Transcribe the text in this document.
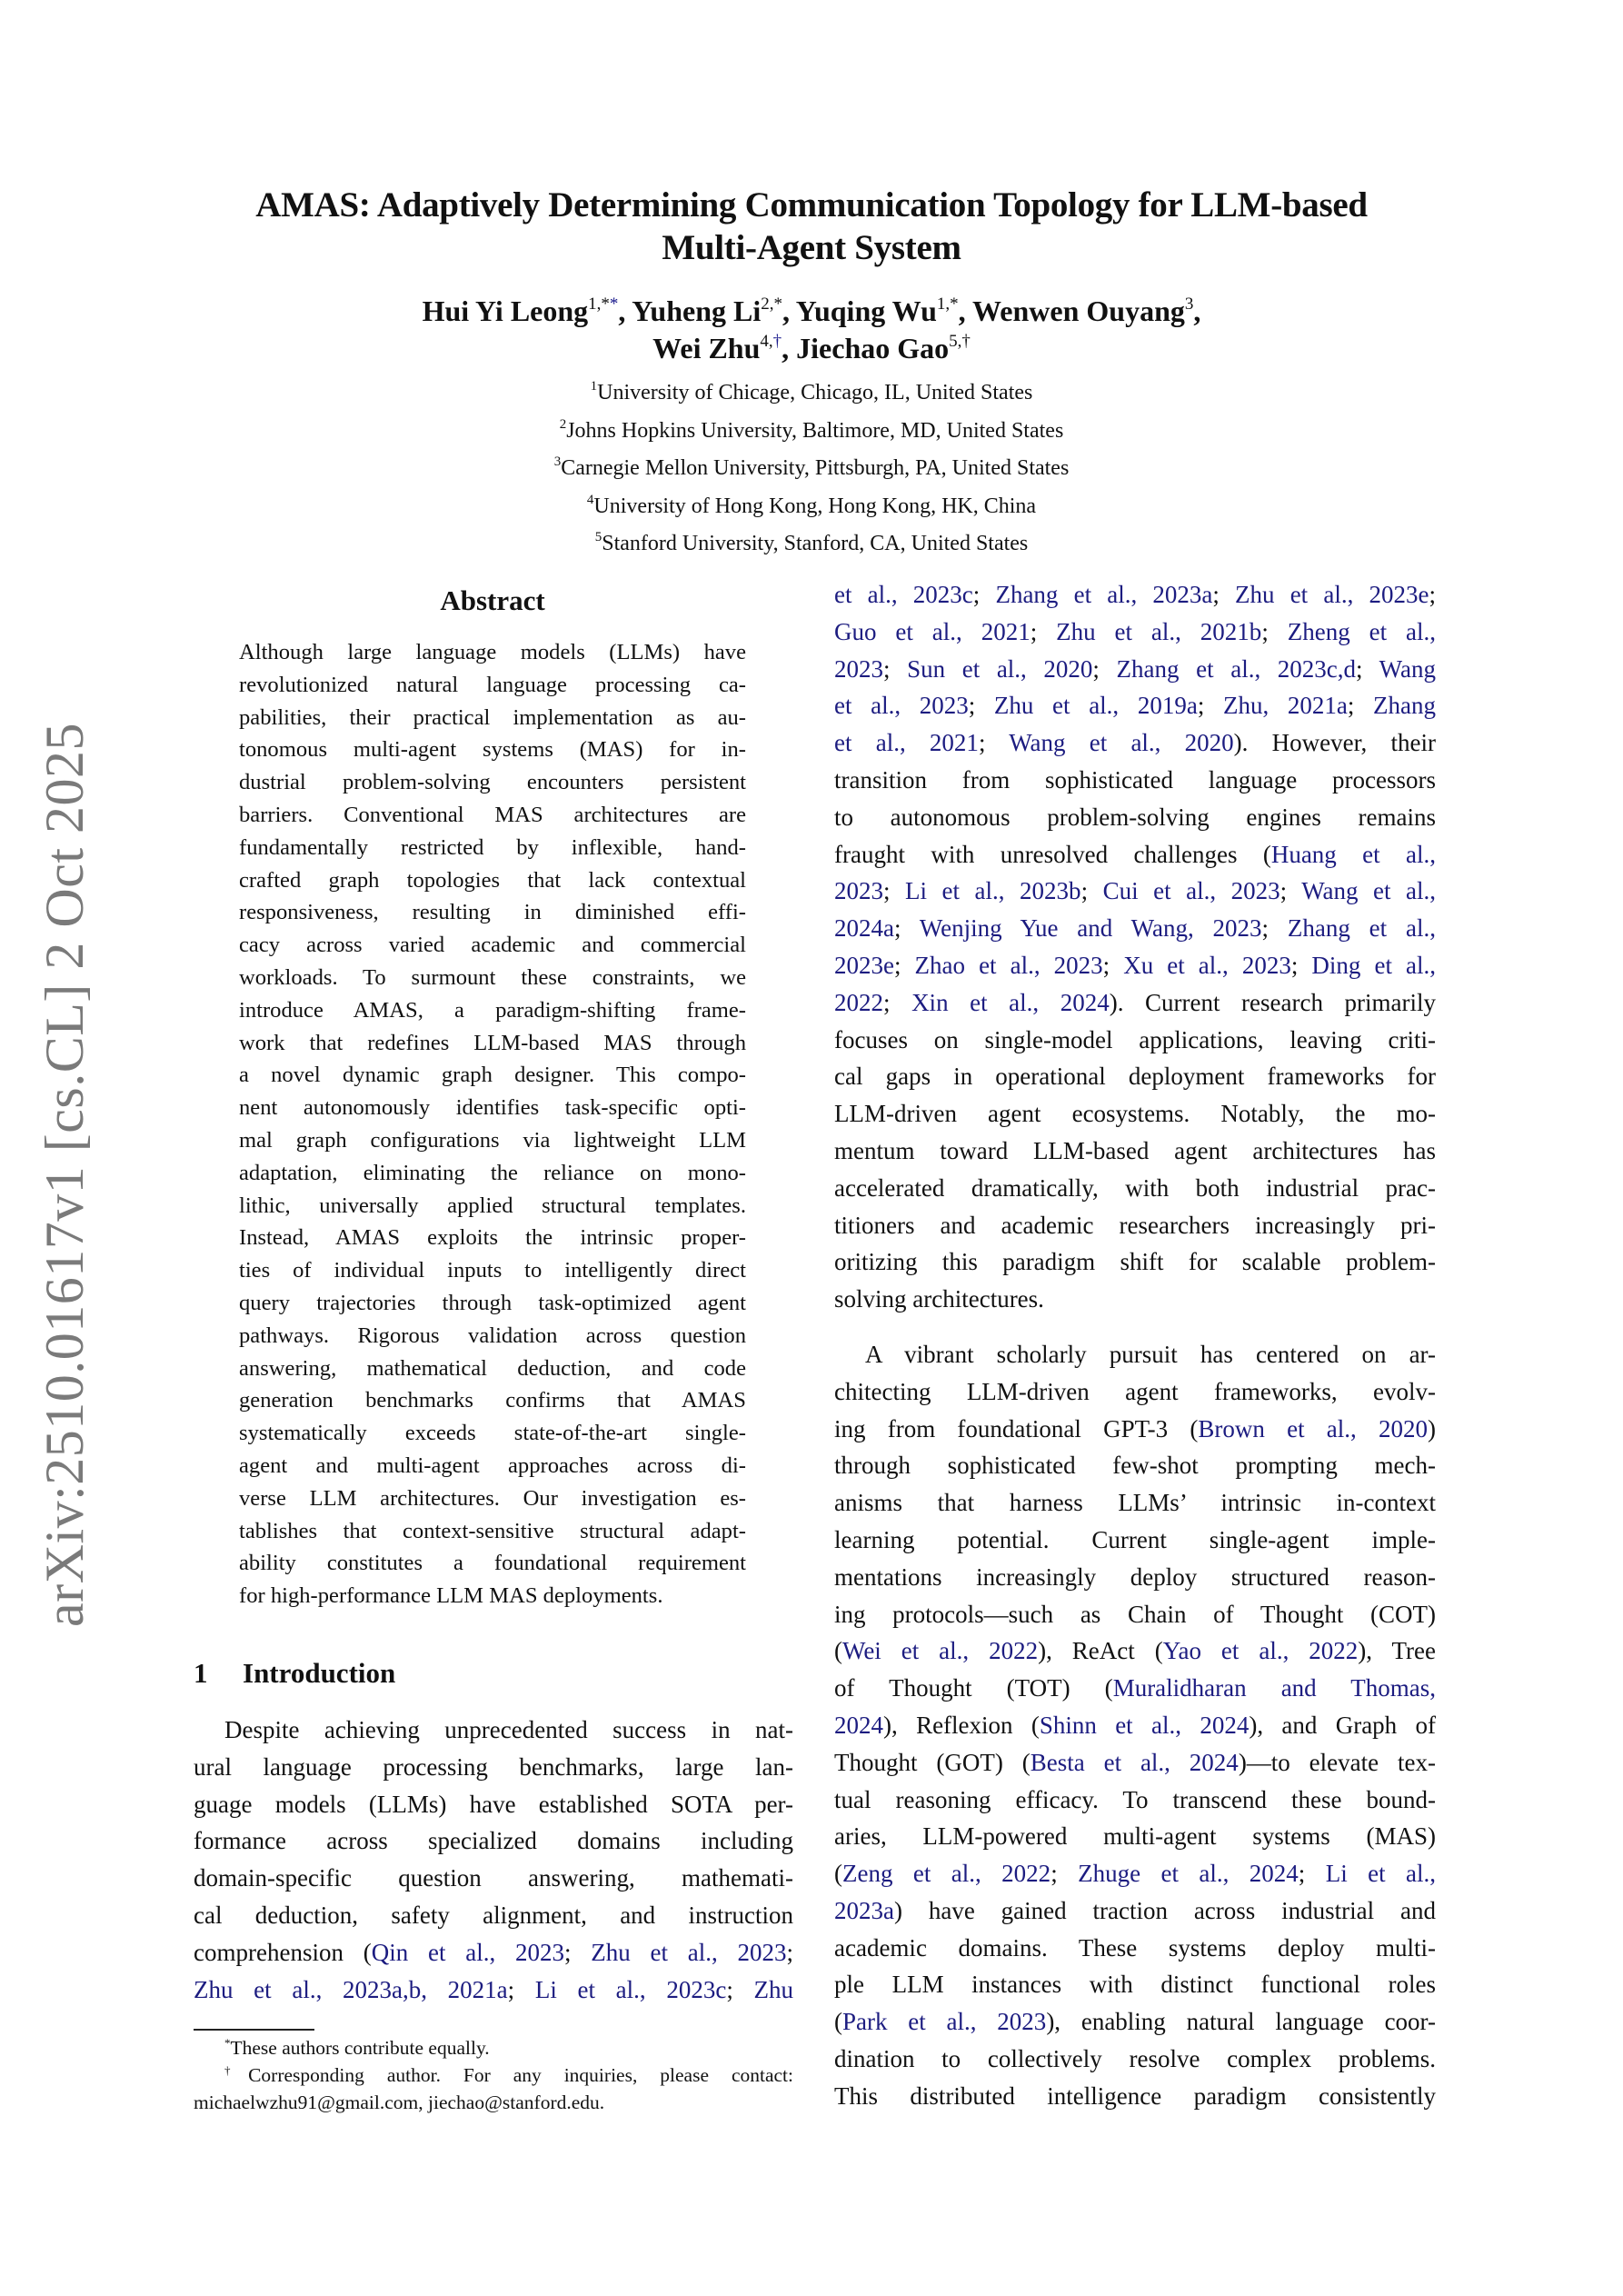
arXiv:2510.01617v1 [cs.CL] 2 Oct 2025
AMAS: Adaptively Determining Communication Topology for LLM-based
Multi-Agent System
Hui Yi Leong$^{1,**}$, Yuheng $Li^{2,*}$, Yuqing $Wu^{1,*}$, Wenwen Ouyang$^3$,
Wei Zhu$^{4,\dagger}$, Jiechao Gao$^{5,\dagger}$
$^1$University of Chicage, Chicago, IL, United States
$^2$Johns Hopkins University, Baltimore, MD, United States
$^3$Carnegie Mellon University, Pittsburgh, PA, United States
$^4$University of Hong Kong, Hong Kong, HK, China
$^5$Stanford University, Stanford, CA, United States
Abstract
Although large language models (LLMs) have
revolutionized natural language processing ca-
pabilities, their practical implementation as au-
tonomous multi-agent systems (MAS) for in-
dustrial problem-solving encounters persistent
barriers. Conventional MAS architectures are
fundamentally restricted by inflexible, hand-
crafted graph topologies that lack contextual
responsiveness, resulting in diminished effi-
cacy across varied academic and commercial
workloads. To surmount these constraints, we
introduce AMAS, a paradigm-shifting frame-
work that redefines LLM-based MAS through
a novel dynamic graph designer. This compo-
nent autonomously identifies task-specific opti-
mal graph configurations via lightweight LLM
adaptation, eliminating the reliance on mono-
lithic, universally applied structural templates.
Instead, AMAS exploits the intrinsic proper-
ties of individual inputs to intelligently direct
query trajectories through task-optimized agent
pathways. Rigorous validation across question
answering, mathematical deduction, and code
generation benchmarks confirms that AMAS
systematically exceeds state-of-the-art single-
agent and multi-agent approaches across di-
verse LLM architectures. Our investigation es-
tablishes that context-sensitive structural adapt-
ability constitutes a foundational requirement
for high-performance LLM MAS deployments.
1 Introduction
Despite achieving unprecedented success in nat-
ural language processing benchmarks, large lan-
guage models (LLMs) have established SOTA per-
formance across specialized domains including
domain-specific question answering, mathemati-
cal deduction, safety alignment, and instruction
comprehension (Qin et al., 2023; Zhu et al., 2023;
Zhu et al., 2023a,b, 2021a; Li et al., 2023c; Zhu
et al., 2023c; Zhang et al., 2023a; Zhu et al., 2023e;
Guo et al., 2021; Zhu et al., 2021b; Zheng et al.,
2023; Sun et al., 2020; Zhang et al., 2023c,d; Wang
et al., 2023; Zhu et al., 2019a; Zhu, 2021a; Zhang
et al., 2021; Wang et al., 2020). However, their
transition from sophisticated language processors
to autonomous problem-solving engines remains
fraught with unresolved challenges (Huang et al.,
2023; Li et al., 2023b; Cui et al., 2023; Wang et al.,
2024a; Wenjing Yue and Wang, 2023; Zhang et al.,
2023e; Zhao et al., 2023; Xu et al., 2023; Ding et al.,
2022; Xin et al., 2024). Current research primarily
focuses on single-model applications, leaving criti-
cal gaps in operational deployment frameworks for
LLM-driven agent ecosystems. Notably, the mo-
mentum toward LLM-based agent architectures has
accelerated dramatically, with both industrial prac-
titioners and academic researchers increasingly pri-
oritizing this paradigm shift for scalable problem-
solving architectures.
A vibrant scholarly pursuit has centered on ar-
chitecting LLM-driven agent frameworks, evolv-
ing from foundational GPT-3 (Brown et al., 2020)
through sophisticated few-shot prompting mech-
anisms that harness LLMs’ intrinsic in-context
learning potential. Current single-agent imple-
mentations increasingly deploy structured reason-
ing protocols—such as Chain of Thought (COT)
(Wei et al., 2022), ReAct (Yao et al., 2022), Tree
of Thought (TOT) (Muralidharan and Thomas,
2024), Reflexion (Shinn et al., 2024), and Graph of
Thought (GOT) (Besta et al., 2024)—to elevate tex-
tual reasoning efficacy. To transcend these bound-
aries, LLM-powered multi-agent systems (MAS)
(Zeng et al., 2022; Zhuge et al., 2024; Li et al.,
2023a) have gained traction across industrial and
academic domains. These systems deploy multi-
ple LLM instances with distinct functional roles
(Park et al., 2023), enabling natural language coor-
dination to collectively resolve complex problems.
This distributed intelligence paradigm consistently
*These authors contribute equally.
†Corresponding author. For any inquiries, please contact:
michaelwzhu91@gmail.com, jiechao@stanford.edu.
